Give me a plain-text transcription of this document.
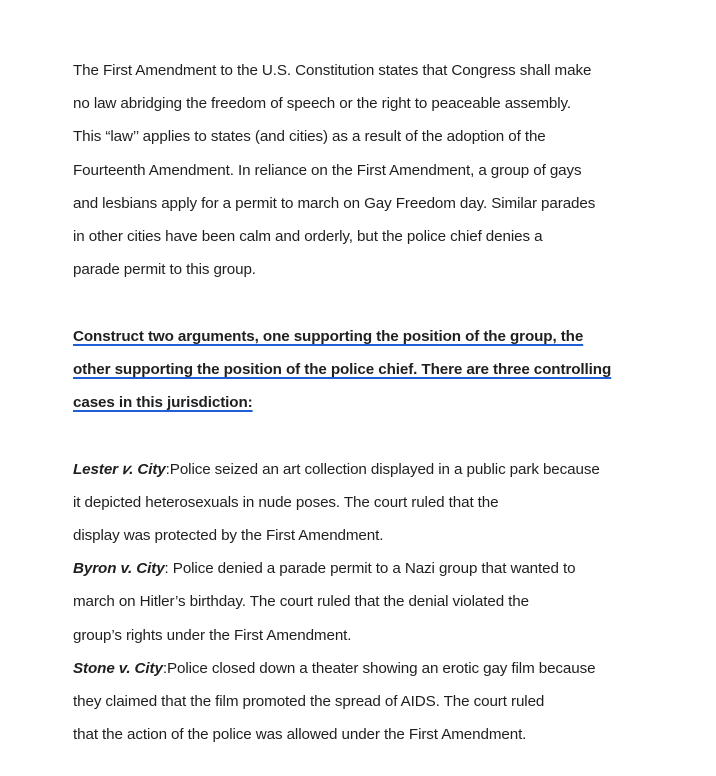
The First Amendment to the U.S. Constitution states that Congress shall make
no law abridging the freedom of speech or the right to peaceable assembly.
This “law’’ applies to states (and cities) as a result of the adoption of the
Fourteenth Amendment. In reliance on the First Amendment, a group of gays
and lesbians apply for a permit to march on Gay Freedom day. Similar parades
in other cities have been calm and orderly, but the police chief denies a
parade permit to this group.
Construct two arguments, one supporting the position of the group, the
other supporting the position of the police chief. There are three controlling
cases in this jurisdiction:
Lester 𝑣. City:Police seized an art collection displayed in a public park because
it depicted heterosexuals in nude poses. The court ruled that the
display was protected by the First Amendment.
Byron v. City: Police denied a parade permit to a Nazi group that wanted to
march on Hitler’s birthday. The court ruled that the denial violated the
group’s rights under the First Amendment.
Stone v. City:Police closed down a theater showing an erotic gay film because
they claimed that the film promoted the spread of AIDS. The court ruled
that the action of the police was allowed under the First Amendment.
